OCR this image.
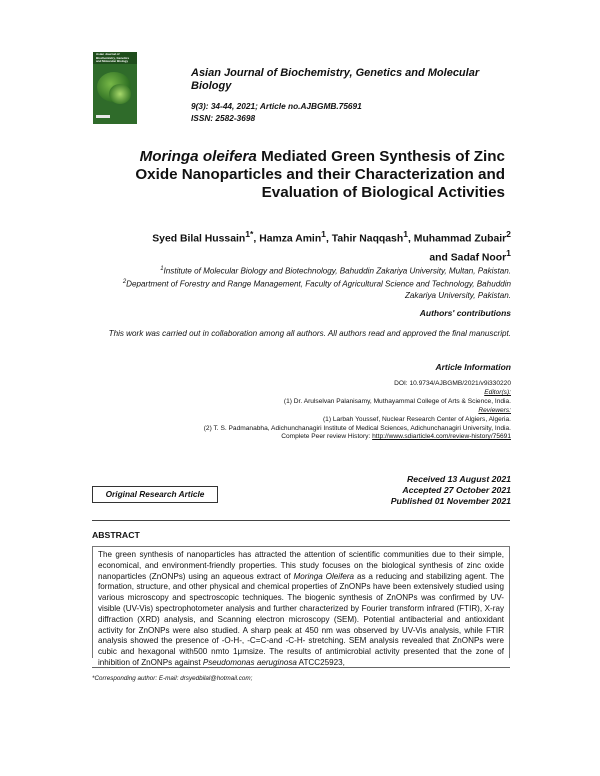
Asian Journal of Biochemistry, Genetics and Molecular Biology
Asian Journal of Biochemistry, Genetics and Molecular Biology
9(3): 34-44, 2021; Article no.AJBGMB.75691
ISSN: 2582-3698
Moringa oleifera Mediated Green Synthesis of Zinc Oxide Nanoparticles and their Characterization and Evaluation of Biological Activities
Syed Bilal Hussain$^{1*}$, Hamza Amin$^1$, Tahir Naqqash$^1$, Muhammad Zubair$^2$
and Sadaf Noor$^1$
$^1$Institute of Molecular Biology and Biotechnology, Bahuddin Zakariya University, Multan, Pakistan.
$^2$Department of Forestry and Range Management, Faculty of Agricultural Science and Technology, Bahuddin Zakariya University, Pakistan.
Authors' contributions
This work was carried out in collaboration among all authors. All authors read and approved the final manuscript.
Article Information
DOI: 10.9734/AJBGMB/2021/v9i330220
Editor(s):
(1) Dr. Arulselvan Palanisamy, Muthayammal College of Arts & Science, India.
Reviewers:
(1) Larbah Youssef, Nuclear Research Center of Algiers, Algeria.
(2) T. S. Padmanabha, Adichunchanagiri Institute of Medical Sciences, Adichunchanagiri University, India.
Complete Peer review History: http://www.sdiarticle4.com/review-history/75691
Received 13 August 2021
Accepted 27 October 2021
Published 01 November 2021
Original Research Article
ABSTRACT
The green synthesis of nanoparticles has attracted the attention of scientific communities due to their simple, economical, and environment-friendly properties. This study focuses on the biological synthesis of zinc oxide nanoparticles (ZnONPs) using an aqueous extract of Moringa Oleifera as a reducing and stabilizing agent. The formation, structure, and other physical and chemical properties of ZnONPs have been extensively studied using various microscopy and spectroscopic techniques. The biogenic synthesis of ZnONPs was confirmed by UV-visible (UV-Vis) spectrophotometer analysis and further characterized by Fourier transform infrared (FTIR), X-ray diffraction (XRD) analysis, and Scanning electron microscopy (SEM). Potential antibacterial and antioxidant activity for ZnONPs were also studied. A sharp peak at 450 nm was observed by UV-Vis analysis, while FTIR analysis showed the presence of -O-H-, -C=C-and -C-H- stretching. SEM analysis revealed that ZnONPs were cubic and hexagonal with500 nmto 1μmsize. The results of antimicrobial activity presented that the zone of inhibition of ZnONPs against Pseudomonas aeruginosa ATCC25923,
*Corresponding author: E-mail: drsyedbilal@hotmail.com;
